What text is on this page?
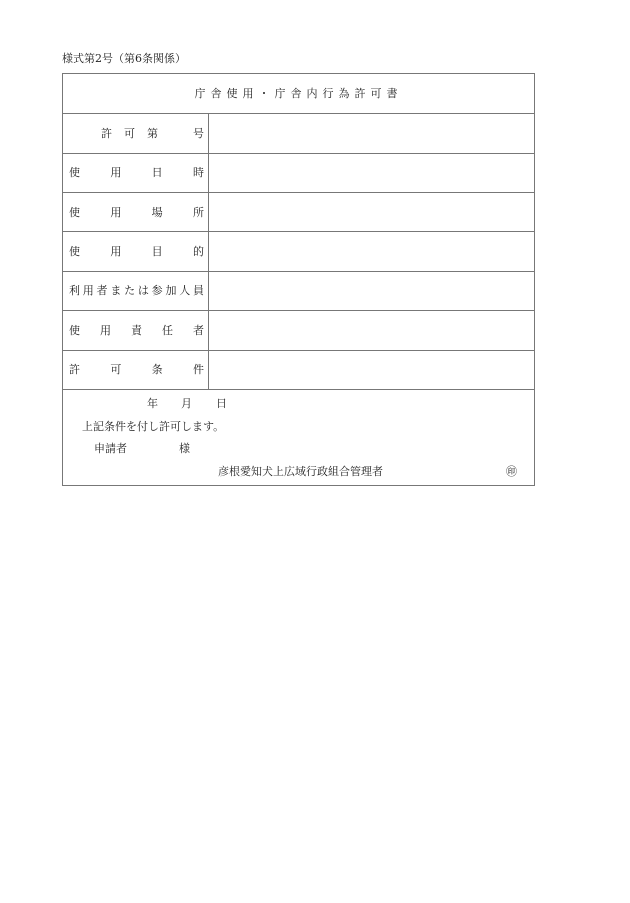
様式第2号（第6条関係）
庁舎使用・庁舎内行為許可書
許可第　号
使用日時
使用場所
使用目的
利用者または参加人員
使用責任者
許可条件
年 月 日
上記条件を付し許可します。
申請者	様
彦根愛知犬上広域行政組合管理者	㊞
